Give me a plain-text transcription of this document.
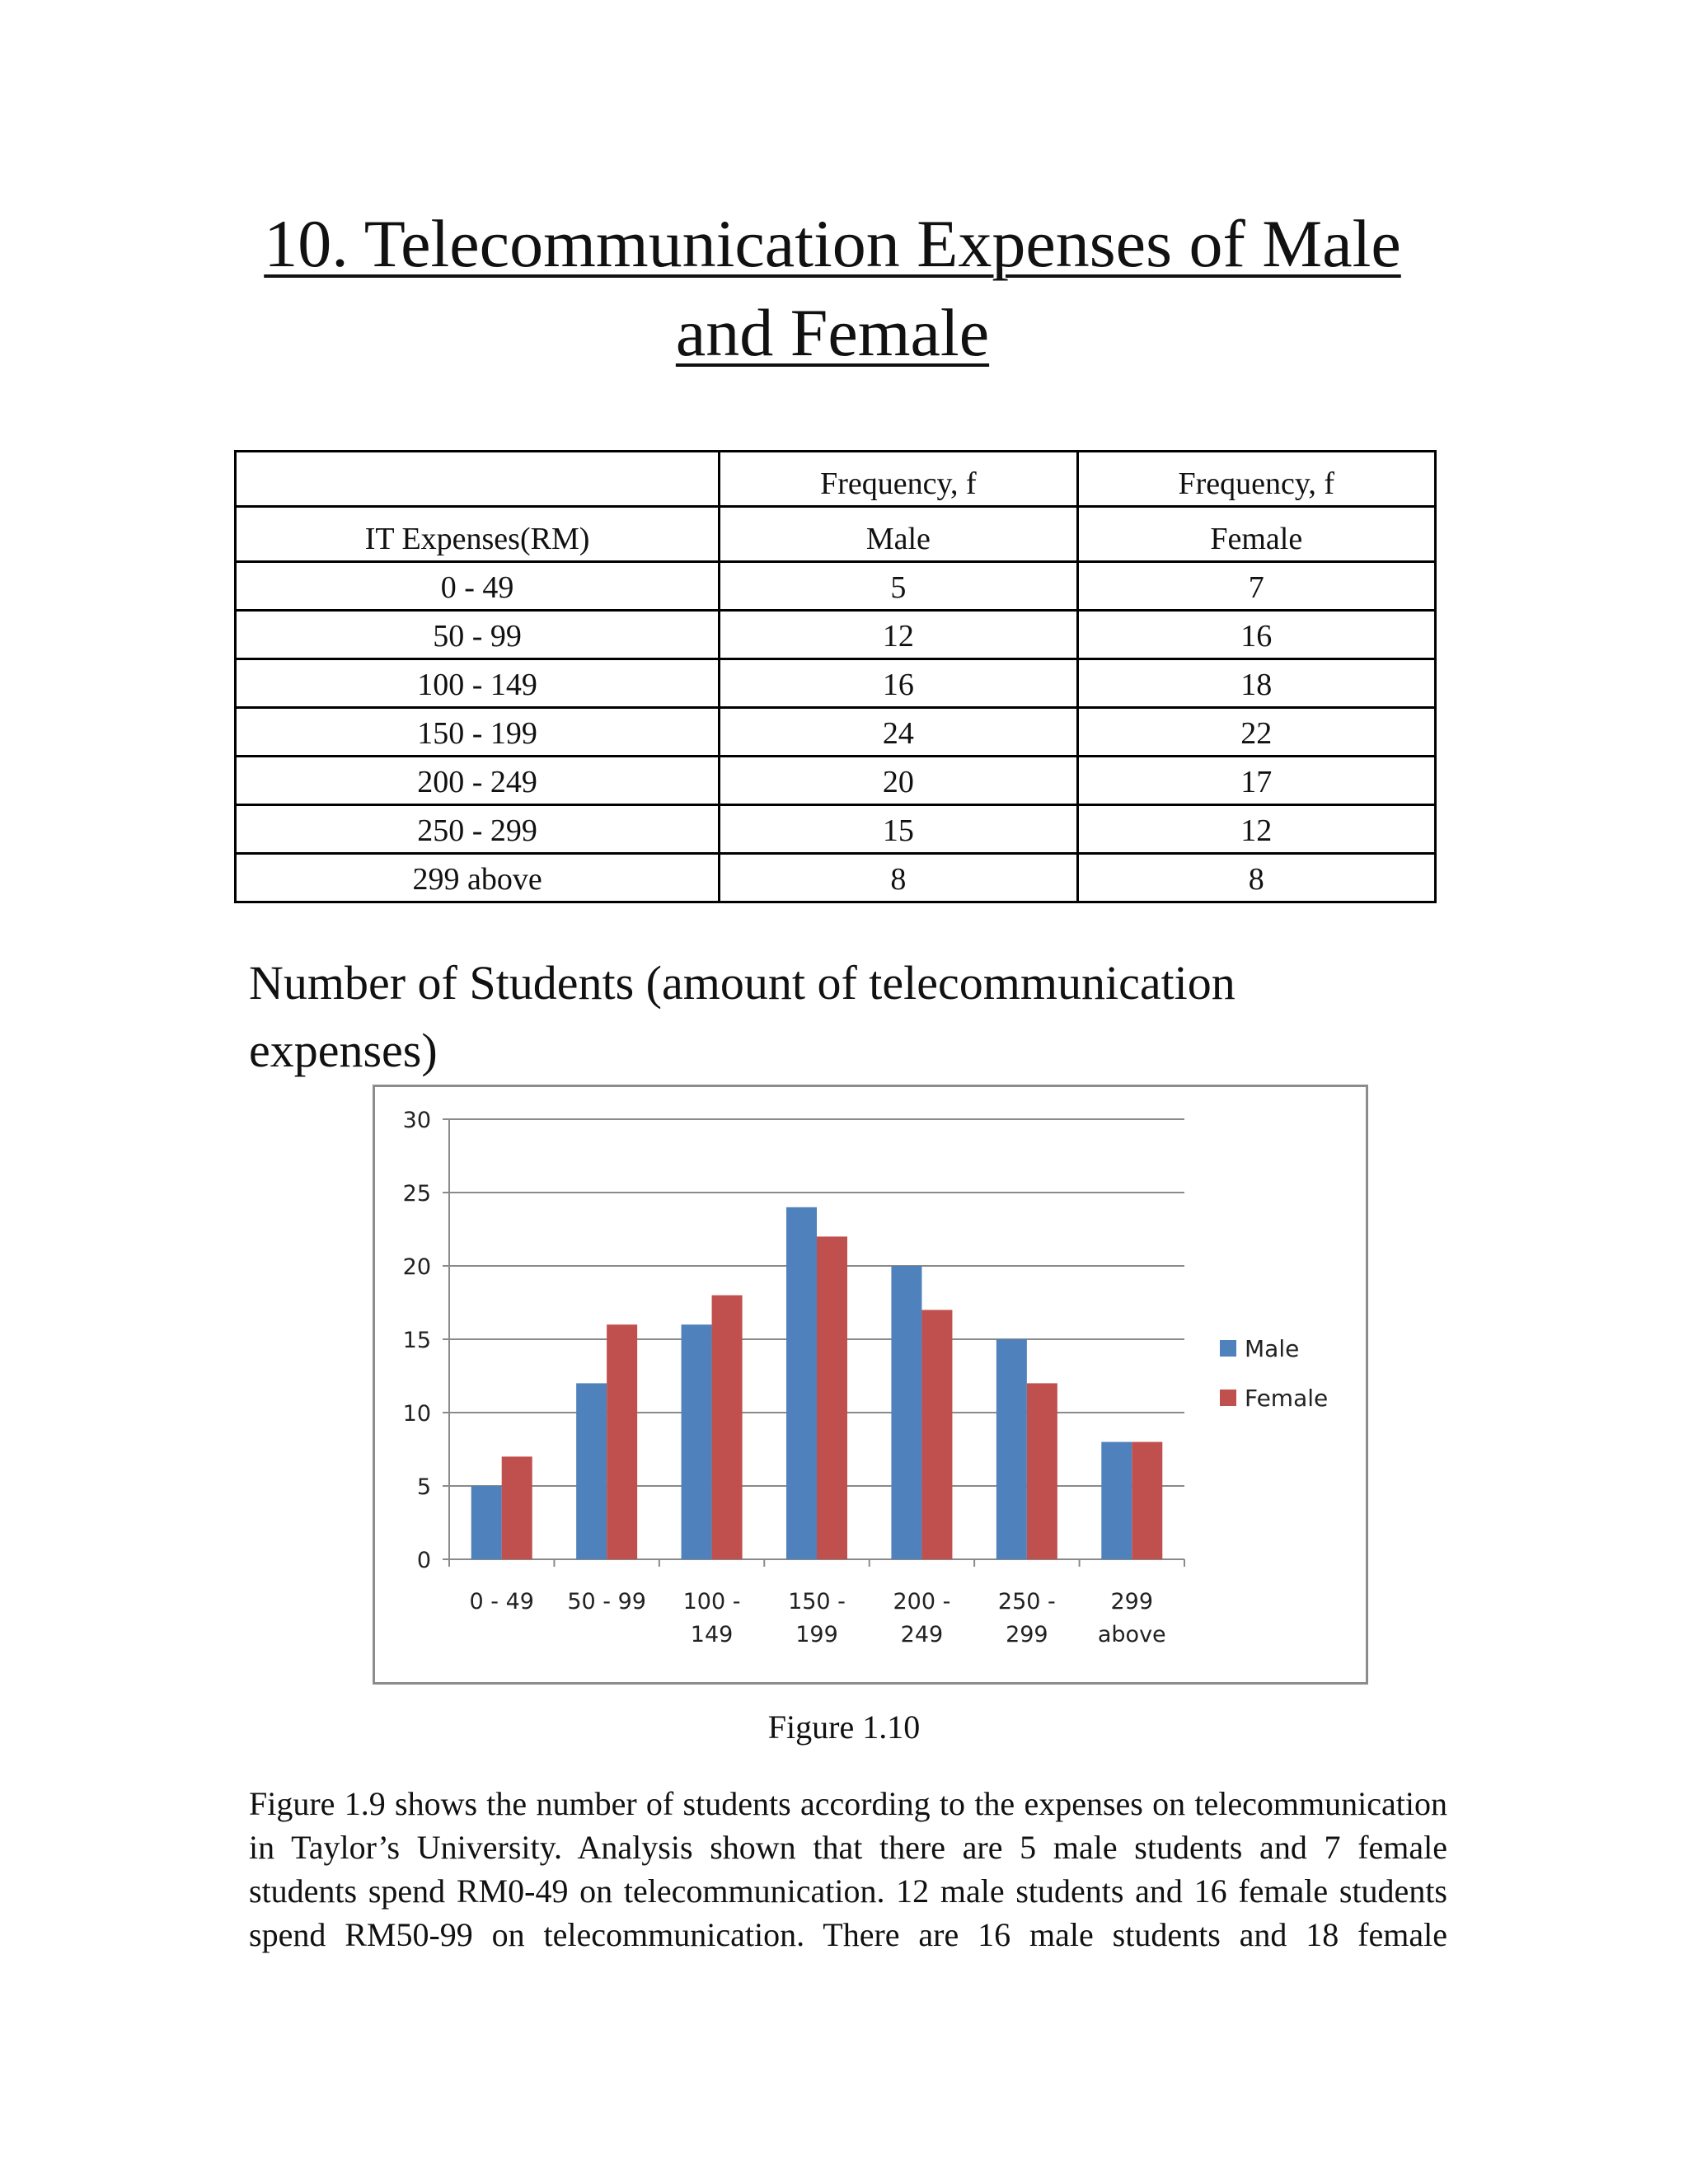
10. Telecommunication Expenses of Male and Female
	Frequency, f	Frequency, f
IT Expenses(RM)	Male	Female
0 - 49	5	7
50 - 99	12	16
100 - 149	16	18
150 - 199	24	22
200 - 249	20	17
250 - 299	15	12
299 above	8	8
Number of Students (amount of telecommunication expenses)
0
5
10
15
20
25
30
0 - 49 50 - 99 100 -
149
150 -
199
200 -
249
250 -
299
299
above
Male
Female
Figure 1.10

Figure 1.9 shows the number of students according to the expenses on telecommunication in Taylor’s University. Analysis shown that there are 5 male students and 7 female students spend RM0-49 on telecommunication. 12 male students and 16 female students spend RM50-99 on telecommunication. There are 16 male students and 18 female
